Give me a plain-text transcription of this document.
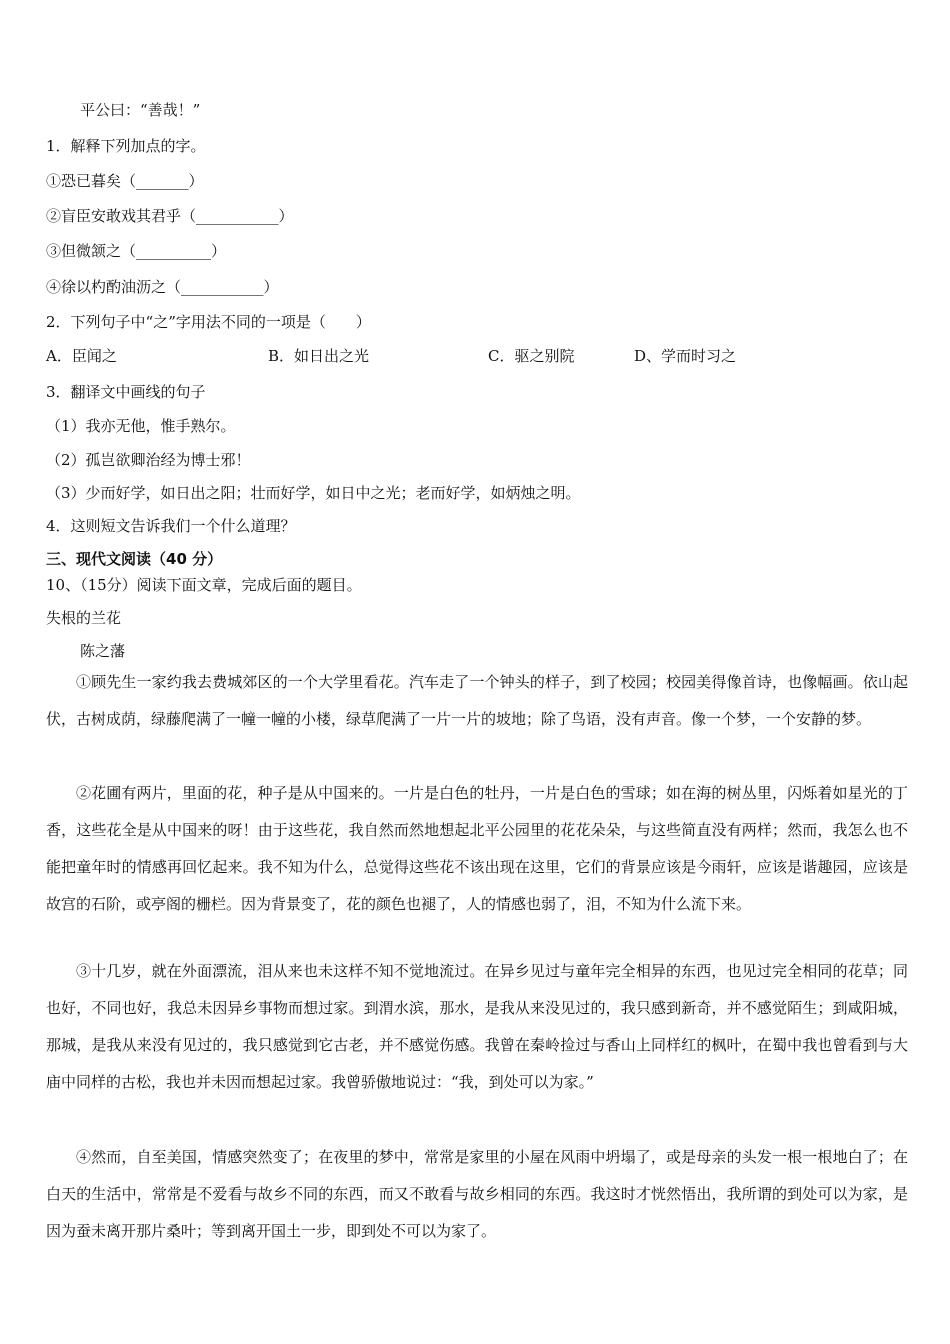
平公曰：“善哉！”
1．解释下列加点的字。
①恐已暮矣（_______）
②盲臣安敢戏其君乎（___________）
③但微颔之（__________）
④徐以杓酌油沥之（___________）
2．下列句子中“之”字用法不同的一项是（　　）
A．臣闻之	B．如日出之光	C．驱之别院	D、学而时习之
3．翻译文中画线的句子
（1）我亦无他，惟手熟尔。
（2）孤岂欲卿治经为博士邪！
（3）少而好学，如日出之阳；壮而好学，如日中之光；老而好学，如炳烛之明。
4．这则短文告诉我们一个什么道理？
三、现代文阅读（40 分）
10、（15分）阅读下面文章，完成后面的题目。
失根的兰花
陈之藩
①顾先生一家约我去费城郊区的一个大学里看花。汽车走了一个钟头的样子，到了校园；校园美得像首诗，也像幅画。依山起伏，古树成荫，绿藤爬满了一幢一幢的小楼，绿草爬满了一片一片的坡地；除了鸟语，没有声音。像一个梦，一个安静的梦。
②花圃有两片，里面的花，种子是从中国来的。一片是白色的牡丹，一片是白色的雪球；如在海的树丛里，闪烁着如星光的丁香，这些花全是从中国来的呀！由于这些花，我自然而然地想起北平公园里的花花朵朵，与这些简直没有两样；然而，我怎么也不能把童年时的情感再回忆起来。我不知为什么，总觉得这些花不该出现在这里，它们的背景应该是今雨轩，应该是谐趣园，应该是故宫的石阶，或亭阁的栅栏。因为背景变了，花的颜色也褪了，人的情感也弱了，泪，不知为什么流下来。
③十几岁，就在外面漂流，泪从来也未这样不知不觉地流过。在异乡见过与童年完全相异的东西，也见过完全相同的花草；同也好，不同也好，我总未因异乡事物而想过家。到渭水滨，那水，是我从来没见过的，我只感到新奇，并不感觉陌生；到咸阳城，那城，是我从来没有见过的，我只感觉到它古老，并不感觉伤感。我曾在秦岭捡过与香山上同样红的枫叶，在蜀中我也曾看到与大庙中同样的古松，我也并未因而想起过家。我曾骄傲地说过：“我，到处可以为家。”
④然而，自至美国，情感突然变了；在夜里的梦中，常常是家里的小屋在风雨中坍塌了，或是母亲的头发一根一根地白了；在白天的生活中，常常是不爱看与故乡不同的东西，而又不敢看与故乡相同的东西。我这时才恍然悟出，我所谓的到处可以为家，是因为蚕未离开那片桑叶；等到离开国土一步，即到处不可以为家了。
